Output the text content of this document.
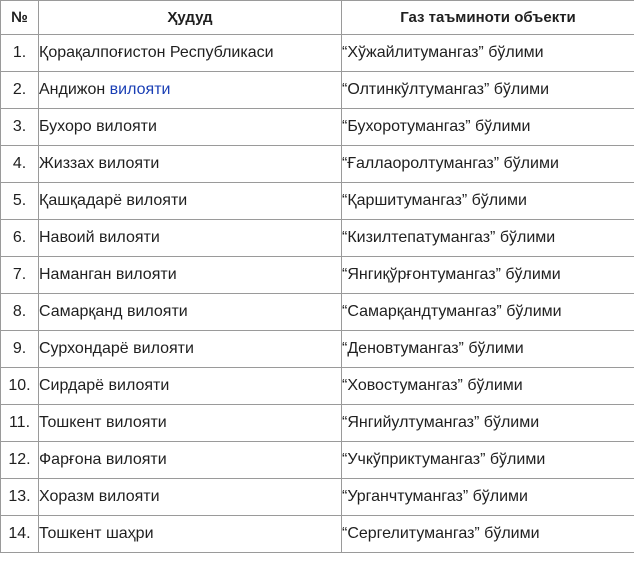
№	Ҳудуд	Газ таъминоти объекти
1.	Қорақалпоғистон Республикаси	“Хўжайлитумангаз” бўлими
2.	Андижон вилояти	“Олтинкўлтумангаз” бўлими
3.	Бухоро вилояти	“Бухоротумангаз” бўлими
4.	Жиззах вилояти	“Ғаллаоролтумангаз” бўлими
5.	Қашқадарё вилояти	“Қаршитумангаз” бўлими
6.	Навоий вилояти	“Кизилтепатумангаз” бўлими
7.	Наманган вилояти	“Янгиқўрғонтумангаз” бўлими
8.	Самарқанд вилояти	“Самарқандтумангаз” бўлими
9.	Сурхондарё вилояти	“Деновтумангаз” бўлими
10.	Сирдарё вилояти	“Ховостумангаз” бўлими
11.	Тошкент вилояти	“Янгийултумангаз” бўлими
12.	Фарғона вилояти	“Учкўприктумангаз” бўлими
13.	Хоразм вилояти	“Урганчтумангаз” бўлими
14.	Тошкент шаҳри	“Сергелитумангаз” бўлими
